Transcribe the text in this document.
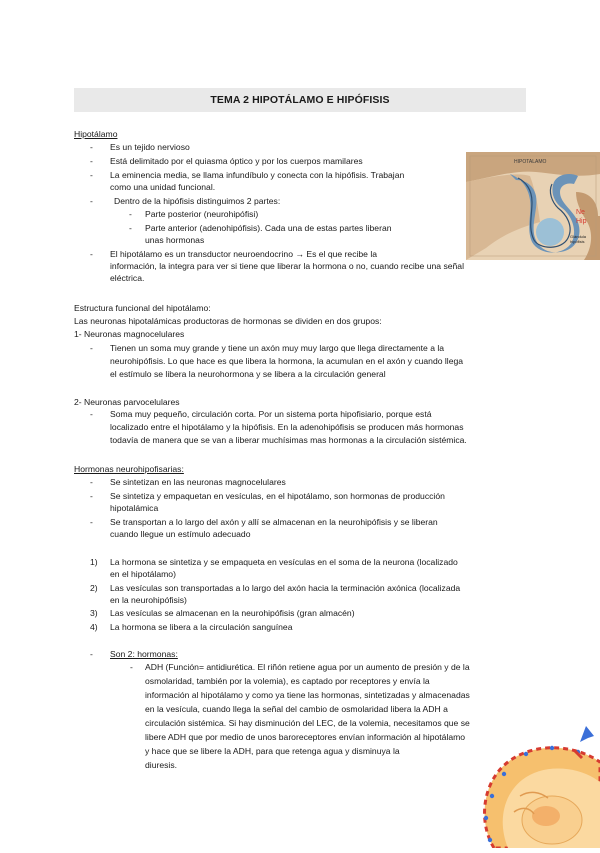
TEMA 2 HIPOTÁLAMO E HIPÓFISIS
Hipotálamo
- Es un tejido nervioso
- Está delimitado por el quiasma óptico y por los cuerpos mamilares
- La eminencia media, se llama infundíbulo y conecta con la hipófisis. Trabajan
como una unidad funcional.
- Dentro de la hipófisis distinguimos 2 partes:
- Parte posterior (neurohipófisi)
- Parte anterior (adenohipófisis). Cada una de estas partes liberan
unas hormonas
- El hipotálamo es un transductor neuroendocrino → Es el que recibe la
información, la integra para ver si tiene que liberar la hormona o no, cuando recibe una señal
eléctrica.
HIPOTALAMO
Ne
Hip
Glándula
hipófisis
Estructura funcional del hipotálamo:
Las neuronas hipotalámicas productoras de hormonas se dividen en dos grupos:
1- Neuronas magnocelulares
- Tienen un soma muy grande y tiene un axón muy muy largo que llega directamente a la
neurohipófisis. Lo que hace es que libera la hormona, la acumulan en el axón y cuando llega
el estímulo se libera la neurohormona y se libera a la circulación general
2- Neuronas parvocelulares
- Soma muy pequeño, circulación corta. Por un sistema porta hipofisiario, porque está
localizado entre el hipotálamo y la hipófisis. En la adenohipófisis se producen más hormonas
todavía de manera que se van a liberar muchísimas mas hormonas a la circulación sistémica.
Hormonas neurohipofisarias:
- Se sintetizan en las neuronas magnocelulares
- Se sintetiza y empaquetan en vesículas, en el hipotálamo, son hormonas de producción
hipotalámica
- Se transportan a lo largo del axón y allí se almacenan en la neurohipófisis y se liberan
cuando llegue un estímulo adecuado
1) La hormona se sintetiza y se empaqueta en vesículas en el soma de la neurona (localizado
en el hipotálamo)
2) Las vesículas son transportadas a lo largo del axón hacia la terminación axónica (localizada
en la neurohipófisis)
3) Las vesículas se almacenan en la neurohipófisis (gran almacén)
4) La hormona se libera a la circulación sanguínea
- Son 2: hormonas:
- ADH (Función= antidiurética. El riñón retiene agua por un aumento de presión y de la
osmolaridad, también por la volemia), es captado por receptores y envía la
información al hipotálamo y como ya tiene las hormonas, sintetizadas y almacenadas
en la vesícula, cuando llega la señal del cambio de osmolaridad libera la ADH a
circulación sistémica. Si hay disminución del LEC, de la volemia, necesitamos que se
libere ADH que por medio de unos baroreceptores envían información al hipotálamo
y hace que se libere la ADH, para que retenga agua y disminuya la
diuresis.
